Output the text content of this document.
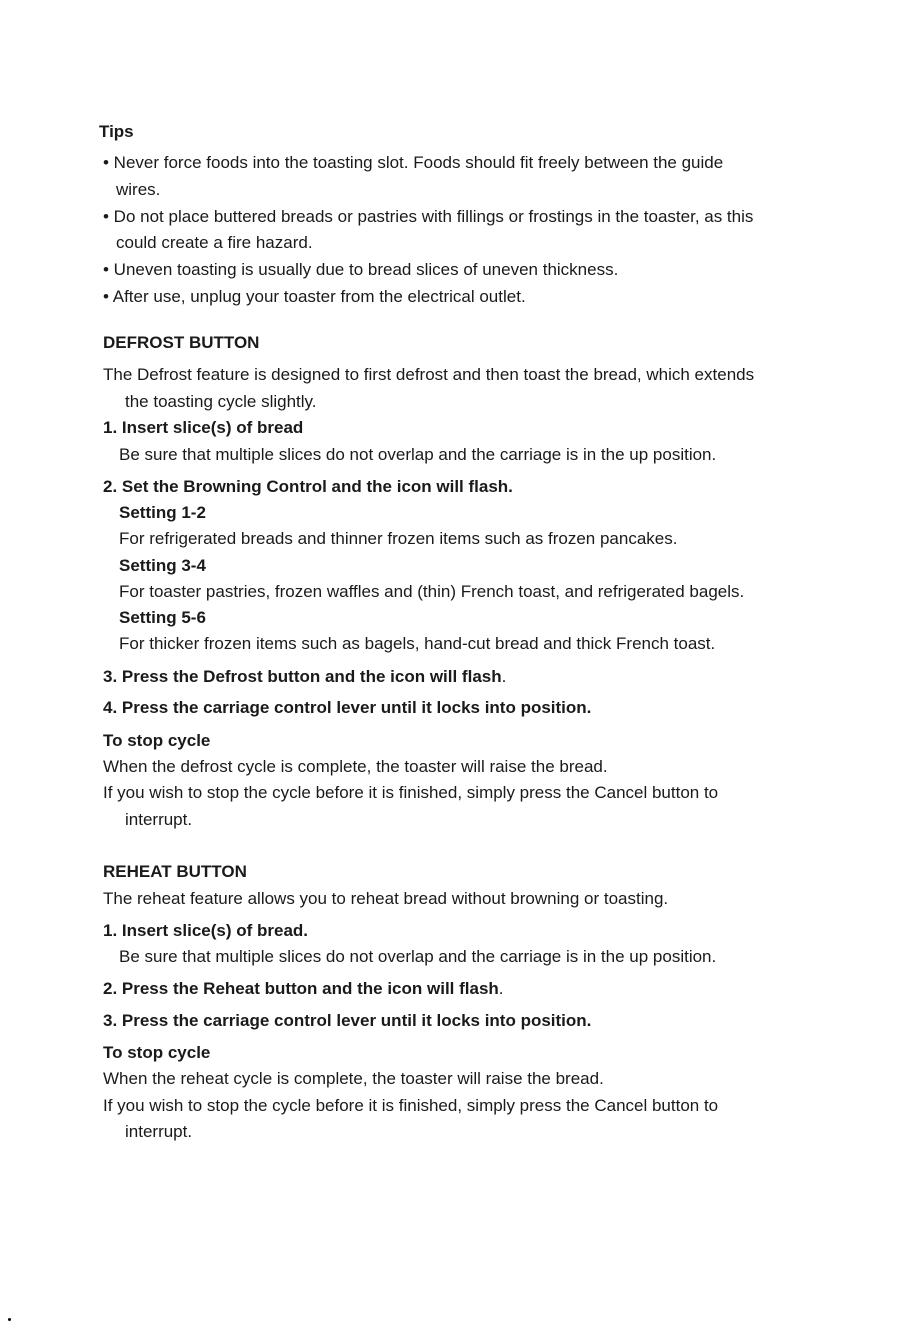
Tips
• Never force foods into the toasting slot. Foods should fit freely between the guide
wires.
• Do not place buttered breads or pastries with fillings or frostings in the toaster, as this
could create a fire hazard.
• Uneven toasting is usually due to bread slices of uneven thickness.
• After use, unplug your toaster from the electrical outlet.
DEFROST BUTTON
The Defrost feature is designed to first defrost and then toast the bread, which extends
the toasting cycle slightly.
1. Insert slice(s) of bread
Be sure that multiple slices do not overlap and the carriage is in the up position.
2. Set the Browning Control and the icon will flash.
Setting 1-2
For refrigerated breads and thinner frozen items such as frozen pancakes.
Setting 3-4
For toaster pastries, frozen waffles and (thin) French toast, and refrigerated bagels.
Setting 5-6
For thicker frozen items such as bagels, hand-cut bread and thick French toast.
3. Press the Defrost button and the icon will flash.
4. Press the carriage control lever until it locks into position.
To stop cycle
When the defrost cycle is complete, the toaster will raise the bread.
If you wish to stop the cycle before it is finished, simply press the Cancel button to
interrupt.
REHEAT BUTTON
The reheat feature allows you to reheat bread without browning or toasting.
1. Insert slice(s) of bread.
Be sure that multiple slices do not overlap and the carriage is in the up position.
2. Press the Reheat button and the icon will flash.
3. Press the carriage control lever until it locks into position.
To stop cycle
When the reheat cycle is complete, the toaster will raise the bread.
If you wish to stop the cycle before it is finished, simply press the Cancel button to
interrupt.
